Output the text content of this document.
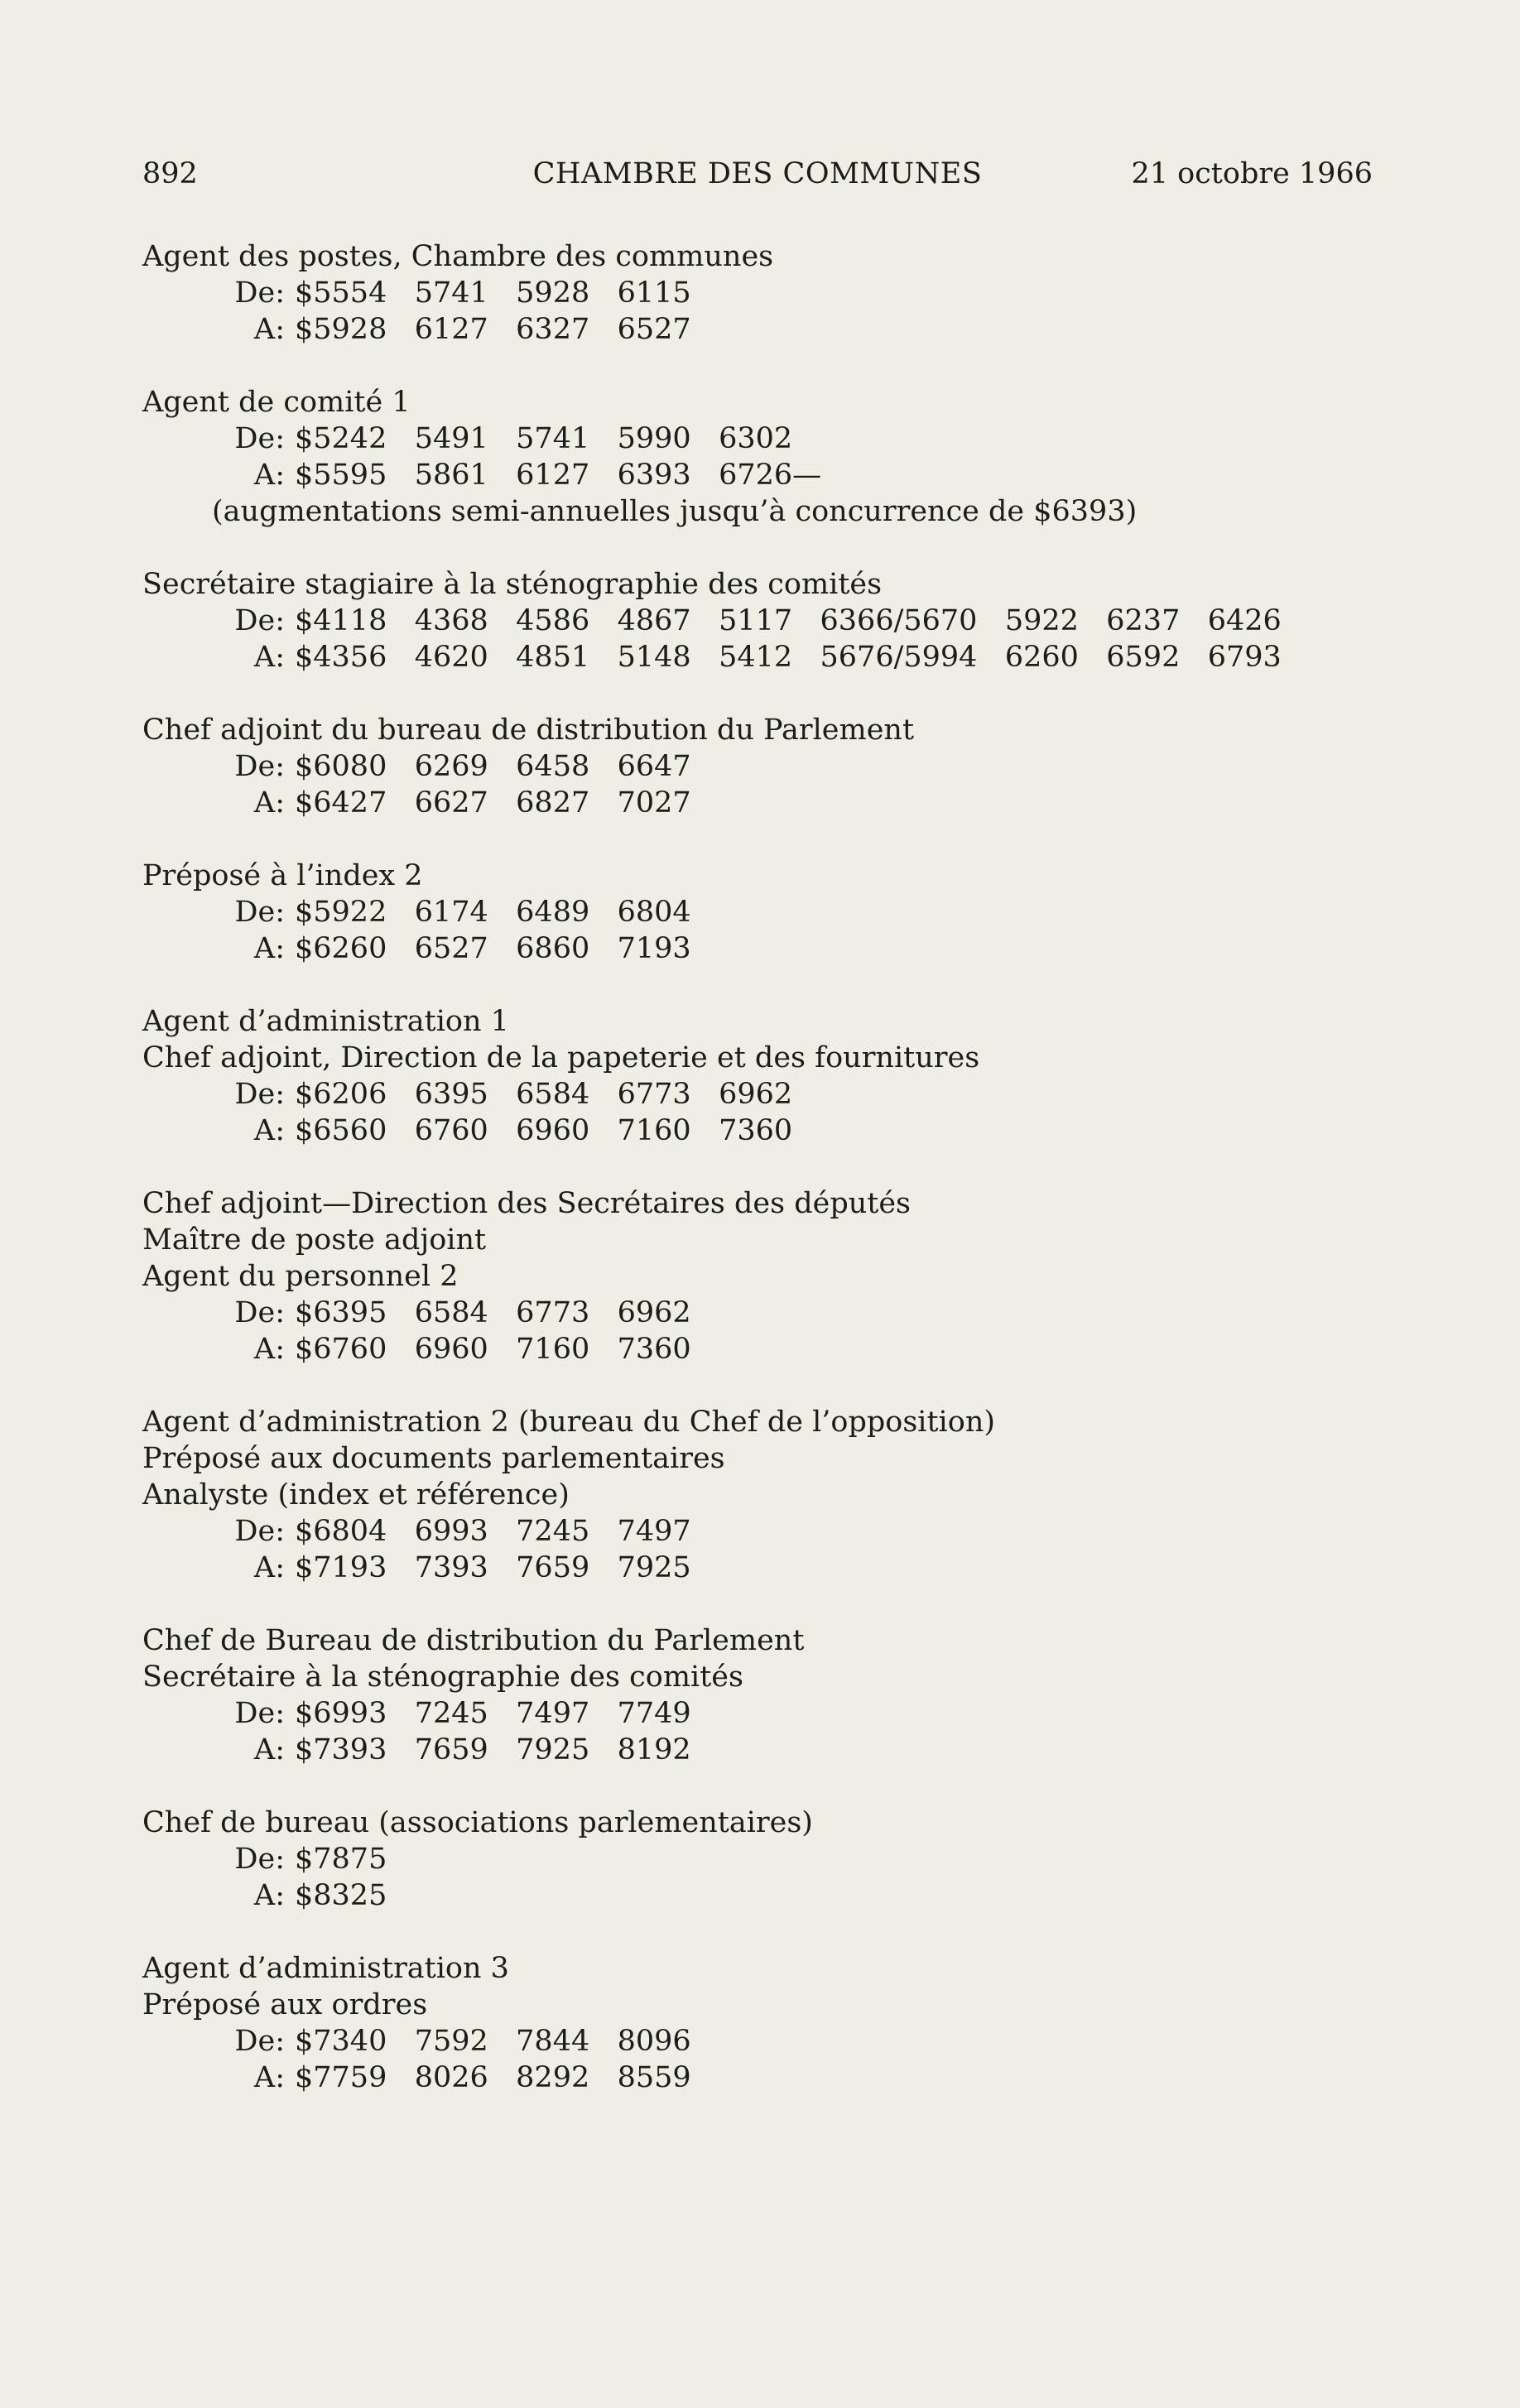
892	CHAMBRE DES COMMUNES	21 octobre 1966
Agent des postes, Chambre des communes
De: $5554   5741   5928   6115
A: $5928   6127   6327   6527
Agent de comité 1
De: $5242   5491   5741   5990   6302
A: $5595   5861   6127   6393   6726—
(augmentations semi-annuelles jusqu’à concurrence de $6393)
Secrétaire stagiaire à la sténographie des comités
De: $4118   4368   4586   4867   5117   6366/5670   5922   6237   6426
A: $4356   4620   4851   5148   5412   5676/5994   6260   6592   6793
Chef adjoint du bureau de distribution du Parlement
De: $6080   6269   6458   6647
A: $6427   6627   6827   7027
Préposé à l’index 2
De: $5922   6174   6489   6804
A: $6260   6527   6860   7193
Agent d’administration 1
Chef adjoint, Direction de la papeterie et des fournitures
De: $6206   6395   6584   6773   6962
A: $6560   6760   6960   7160   7360
Chef adjoint—Direction des Secrétaires des députés
Maître de poste adjoint
Agent du personnel 2
De: $6395   6584   6773   6962
A: $6760   6960   7160   7360
Agent d’administration 2 (bureau du Chef de l’opposition)
Préposé aux documents parlementaires
Analyste (index et référence)
De: $6804   6993   7245   7497
A: $7193   7393   7659   7925
Chef de Bureau de distribution du Parlement
Secrétaire à la sténographie des comités
De: $6993   7245   7497   7749
A: $7393   7659   7925   8192
Chef de bureau (associations parlementaires)
De: $7875
A: $8325
Agent d’administration 3
Préposé aux ordres
De: $7340   7592   7844   8096
A: $7759   8026   8292   8559
